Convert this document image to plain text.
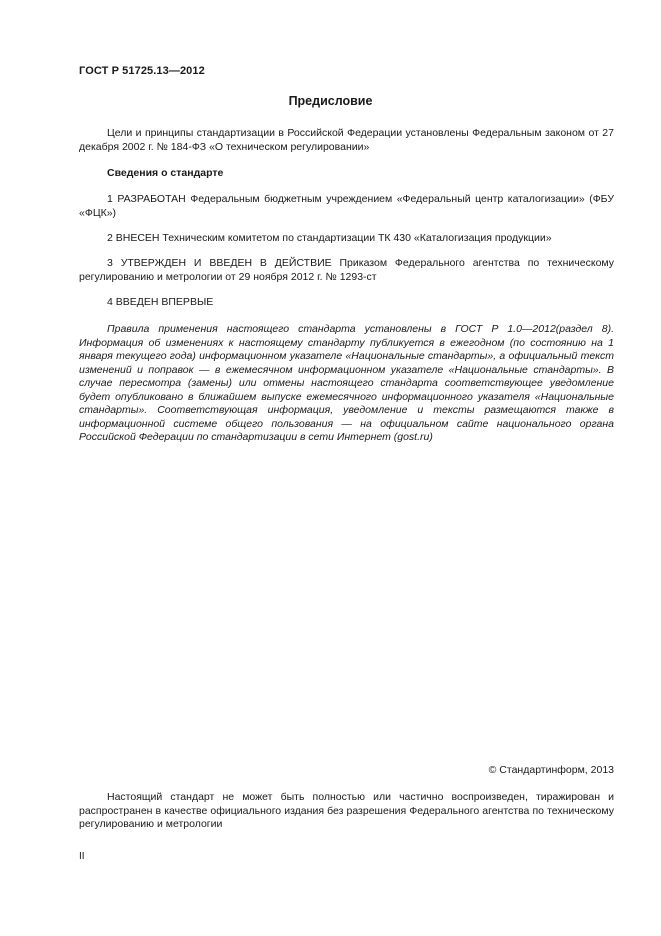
ГОСТ Р 51725.13—2012
Предисловие

Цели и принципы стандартизации в Российской Федерации установлены Федеральным законом от 27 декабря 2002 г. № 184-ФЗ «О техническом регулировании»

Сведения о стандарте

1 РАЗРАБОТАН Федеральным бюджетным учреждением «Федеральный центр каталогизации» (ФБУ «ФЦК»)

2 ВНЕСЕН Техническим комитетом по стандартизации ТК 430 «Каталогизация продукции»

3 УТВЕРЖДЕН И ВВЕДЕН В ДЕЙСТВИЕ Приказом Федерального агентства по техническому регулированию и метрологии от 29 ноября 2012 г. № 1293-ст

4 ВВЕДЕН ВПЕРВЫЕ

Правила применения настоящего стандарта установлены в ГОСТ Р 1.0—2012(раздел 8). Информация об изменениях к настоящему стандарту публикуется в ежегодном (по состоянию на 1 января текущего года) информационном указателе «Национальные стандарты», а официальный текст изменений и поправок — в ежемесячном информационном указателе «Национальные стандарты». В случае пересмотра (замены) или отмены настоящего стандарта соответствующее уведомление будет опубликовано в ближайшем выпуске ежемесячного информационного указателя «Национальные стандарты». Соответствующая информация, уведомление и тексты размещаются также в информационной системе общего пользования — на официальном сайте национального органа Российской Федерации по стандартизации в сети Интернет (gost.ru)

© Стандартинформ, 2013

Настоящий стандарт не может быть полностью или частично воспроизведен, тиражирован и распространен в качестве официального издания без разрешения Федерального агентства по техническому регулированию и метрологии

II
